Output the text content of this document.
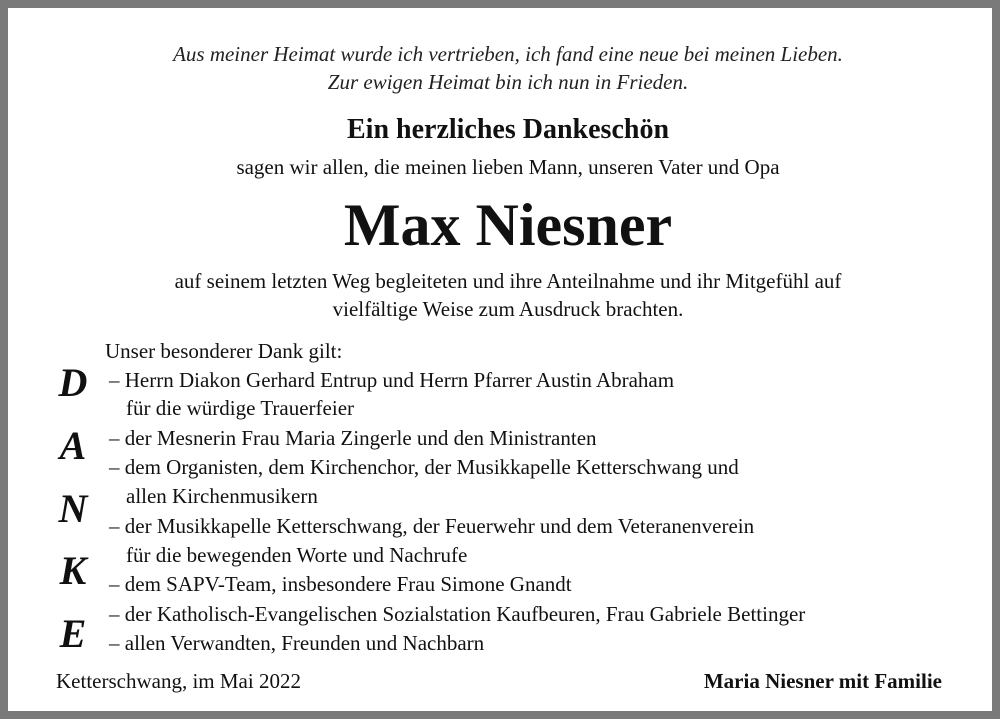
Aus meiner Heimat wurde ich vertrieben, ich fand eine neue bei meinen Lieben.
Zur ewigen Heimat bin ich nun in Frieden.
Ein herzliches Dankeschön
sagen wir allen, die meinen lieben Mann, unseren Vater und Opa
Max Niesner
auf seinem letzten Weg begleiteten und ihre Anteilnahme und ihr Mitgefühl auf
vielfältige Weise zum Ausdruck brachten.
D
A
N
K
E
Unser besonderer Dank gilt:
– Herrn Diakon Gerhard Entrup und Herrn Pfarrer Austin Abraham
für die würdige Trauerfeier
– der Mesnerin Frau Maria Zingerle und den Ministranten
– dem Organisten, dem Kirchenchor, der Musikkapelle Ketterschwang und
allen Kirchenmusikern
– der Musikkapelle Ketterschwang, der Feuerwehr und dem Veteranenverein
für die bewegenden Worte und Nachrufe
– dem SAPV-Team, insbesondere Frau Simone Gnandt
– der Katholisch-Evangelischen Sozialstation Kaufbeuren, Frau Gabriele Bettinger
– allen Verwandten, Freunden und Nachbarn
Ketterschwang, im Mai 2022	Maria Niesner mit Familie
